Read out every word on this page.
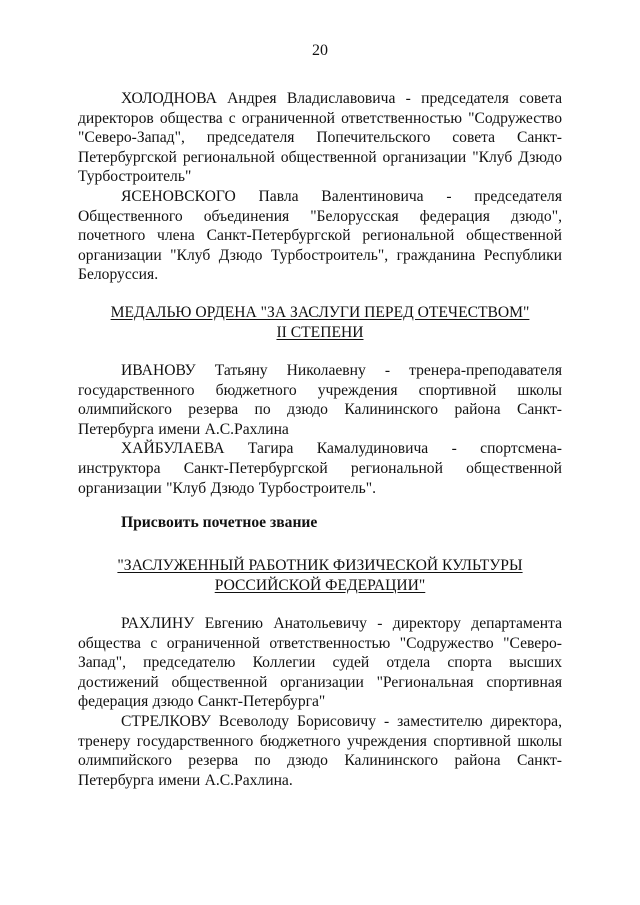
20

ХОЛОДНОВА Андрея Владиславовича - председателя совета директоров общества с ограниченной ответственностью "Содружество "Северо-Запад", председателя Попечительского совета Санкт-Петербургской региональной общественной организации "Клуб Дзюдо Турбостроитель"

ЯСЕНОВСКОГО Павла Валентиновича - председателя Общественного объединения "Белорусская федерация дзюдо", почетного члена Санкт-Петербургской региональной общественной организации "Клуб Дзюдо Турбостроитель", гражданина Республики Белоруссия.

МЕДАЛЬЮ ОРДЕНА "ЗА ЗАСЛУГИ ПЕРЕД ОТЕЧЕСТВОМ"
II СТЕПЕНИ

ИВАНОВУ Татьяну Николаевну - тренера-преподавателя государственного бюджетного учреждения спортивной школы олимпийского резерва по дзюдо Калининского района Санкт-Петербурга имени А.С.Рахлина

ХАЙБУЛАЕВА Тагира Камалудиновича - спортсмена-инструктора Санкт-Петербургской региональной общественной организации "Клуб Дзюдо Турбостроитель".

Присвоить почетное звание
"ЗАСЛУЖЕННЫЙ РАБОТНИК ФИЗИЧЕСКОЙ КУЛЬТУРЫ
РОССИЙСКОЙ ФЕДЕРАЦИИ"

РАХЛИНУ Евгению Анатольевичу - директору департамента общества с ограниченной ответственностью "Содружество "Северо-Запад", председателю Коллегии судей отдела спорта высших достижений общественной организации "Региональная спортивная федерация дзюдо Санкт-Петербурга"

СТРЕЛКОВУ Всеволоду Борисовичу - заместителю директора, тренеру государственного бюджетного учреждения спортивной школы олимпийского резерва по дзюдо Калининского района Санкт-Петербурга имени А.С.Рахлина.
